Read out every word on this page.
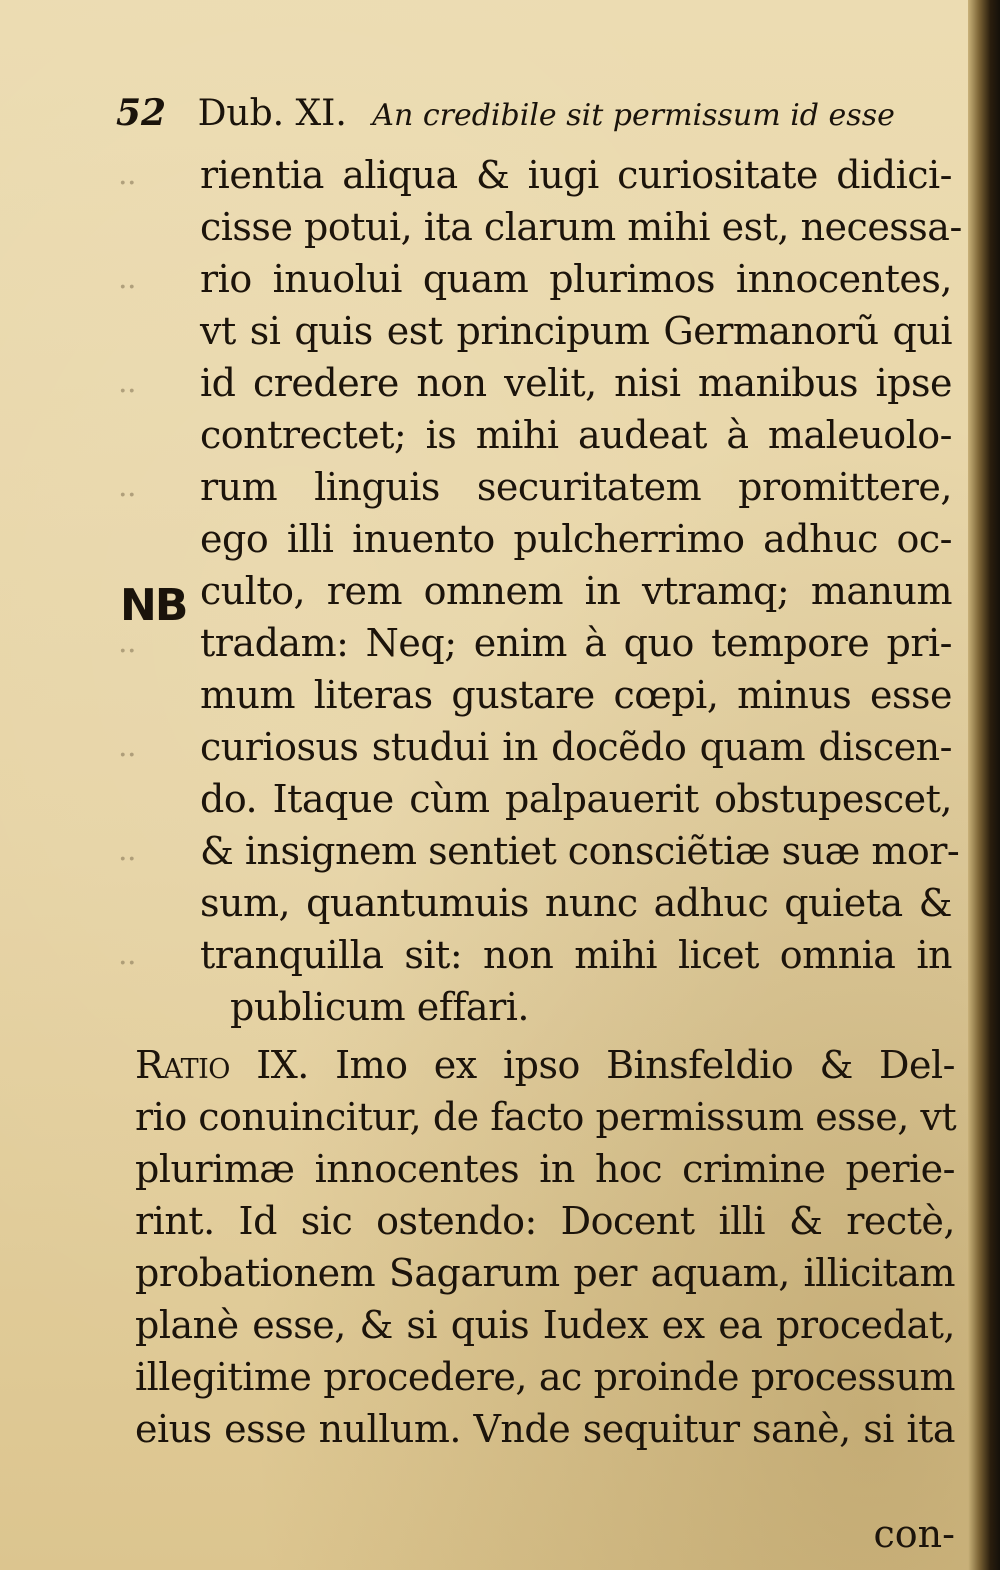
52 Dub. XI. An credibile sit permissum id esse
NB
rientia aliqua & iugi curiositate didici-
cisse potui, ita clarum mihi est, necessa-
rio inuolui quam plurimos innocentes,
vt si quis est principum Germanorũ qui
id credere non velit, nisi manibus ipse
contrectet; is mihi audeat à maleuolo-
rum linguis securitatem promittere,
ego illi inuento pulcherrimo adhuc oc-
culto, rem omnem in vtramq; manum
tradam: Neq; enim à quo tempore pri-
mum literas gustare cœpi, minus esse
curiosus studui in docẽdo quam discen-
do. Itaque cùm palpauerit obstupescet,
& insignem sentiet consciẽtiæ suæ mor-
sum, quantumuis nunc adhuc quieta &
tranquilla sit: non mihi licet omnia in
publicum effari.
..
..
..
..
..
..
..
..
Ratio IX. Imo ex ipso Binsfeldio & Del-
rio conuincitur, de facto permissum esse, vt
plurimæ innocentes in hoc crimine perie-
rint. Id sic ostendo: Docent illi & rectè,
probationem Sagarum per aquam, illicitam
planè esse, & si quis Iudex ex ea procedat,
illegitime procedere, ac proinde processum
eius esse nullum. Vnde sequitur sanè, si ita
con-
